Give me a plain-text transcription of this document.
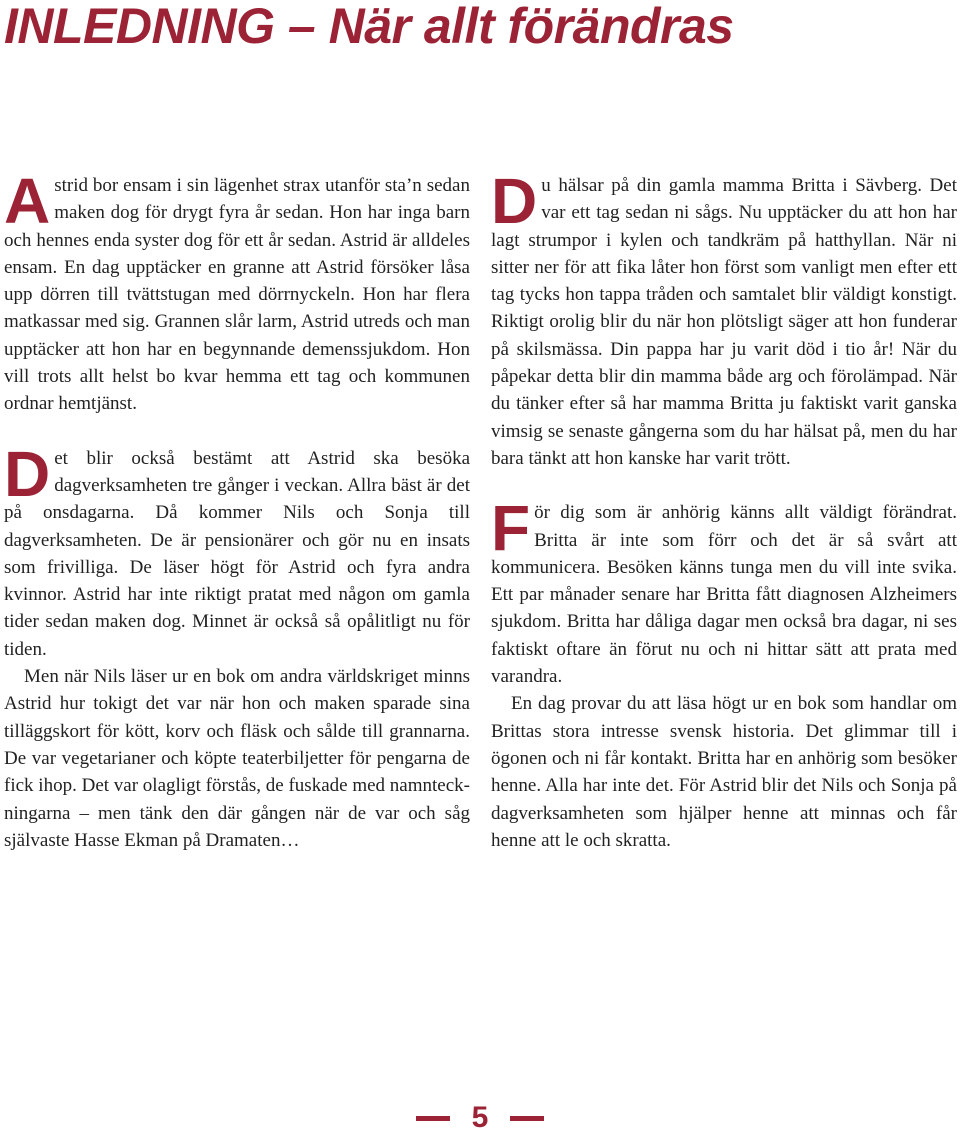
INLEDNING – När allt förändras

Astrid bor ensam i sin lägenhet strax utanför sta’n sedan maken dog för drygt fyra år sedan. Hon har inga barn och hennes enda syster dog för ett år sedan. Astrid är alldeles ensam. En dag upptäcker en granne att Astrid försöker låsa upp dörren till tvättstugan med dörrnyckeln. Hon har flera matkassar med sig. Grannen slår larm, Astrid utreds och man upptäcker att hon har en begynnande demenssjukdom. Hon vill trots allt helst bo kvar hemma ett tag och kommunen ordnar hemtjänst.

Det blir också bestämt att Astrid ska besöka dagverksamheten tre gånger i veckan. Allra bäst är det på onsdagarna. Då kommer Nils och Sonja till dagverksamheten. De är pensionärer och gör nu en insats som frivilliga. De läser högt för Astrid och fyra andra kvinnor. Astrid har inte riktigt pratat med någon om gamla tider sedan maken dog. Minnet är också så opålitligt nu för tiden.

Men när Nils läser ur en bok om andra världskriget minns Astrid hur tokigt det var när hon och maken sparade sina tilläggskort för kött, korv och fläsk och sålde till grannarna. De var vegetarianer och köpte teaterbiljetter för pengarna de fick ihop. Det var olagligt förstås, de fuskade med namnteckningarna – men tänk den där gången när de var och såg självaste Hasse Ekman på Dramaten…

Du hälsar på din gamla mamma Britta i Sävberg. Det var ett tag sedan ni sågs. Nu upptäcker du att hon har lagt strumpor i kylen och tandkräm på hatthyllan. När ni sitter ner för att fika låter hon först som vanligt men efter ett tag tycks hon tappa tråden och samtalet blir väldigt konstigt. Riktigt orolig blir du när hon plötsligt säger att hon funderar på skilsmässa. Din pappa har ju varit död i tio år! När du påpekar detta blir din mamma både arg och förolämpad. När du tänker efter så har mamma Britta ju faktiskt varit ganska vimsig se senaste gångerna som du har hälsat på, men du har bara tänkt att hon kanske har varit trött.

För dig som är anhörig känns allt väldigt förändrat. Britta är inte som förr och det är så svårt att kommunicera. Besöken känns tunga men du vill inte svika. Ett par månader senare har Britta fått diagnosen Alzheimers sjukdom. Britta har dåliga dagar men också bra dagar, ni ses faktiskt oftare än förut nu och ni hittar sätt att prata med varandra.

En dag provar du att läsa högt ur en bok som handlar om Brittas stora intresse svensk historia. Det glimmar till i ögonen och ni får kontakt. Britta har en anhörig som besöker henne. Alla har inte det. För Astrid blir det Nils och Sonja på dagverksamheten som hjälper henne att minnas och får henne att le och skratta.

5
